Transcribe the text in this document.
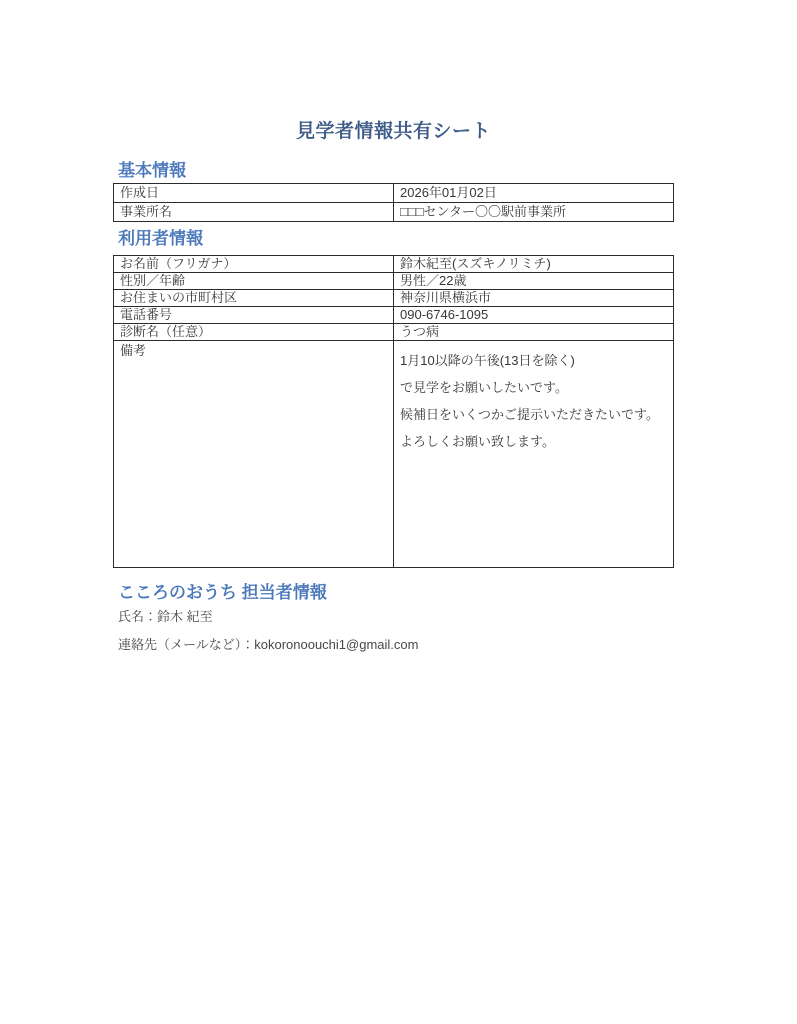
見学者情報共有シート
基本情報
作成日	2026年01月02日
事業所名	□□□センター〇〇駅前事業所
利用者情報
お名前（フリガナ）	鈴木紀至(スズキノリミチ)
性別／年齢	男性／22歳
お住まいの市町村区	神奈川県横浜市
電話番号	090-6746-1095
診断名（任意）	うつ病
備考	1月10以降の午後(13日を除く)

で見学をお願いしたいです。

候補日をいくつかご提示いただきたいです。

よろしくお願い致します。

こころのおうち 担当者情報
氏名：鈴木 紀至
連絡先（メールなど）：kokoronoouchi1@gmail.com
